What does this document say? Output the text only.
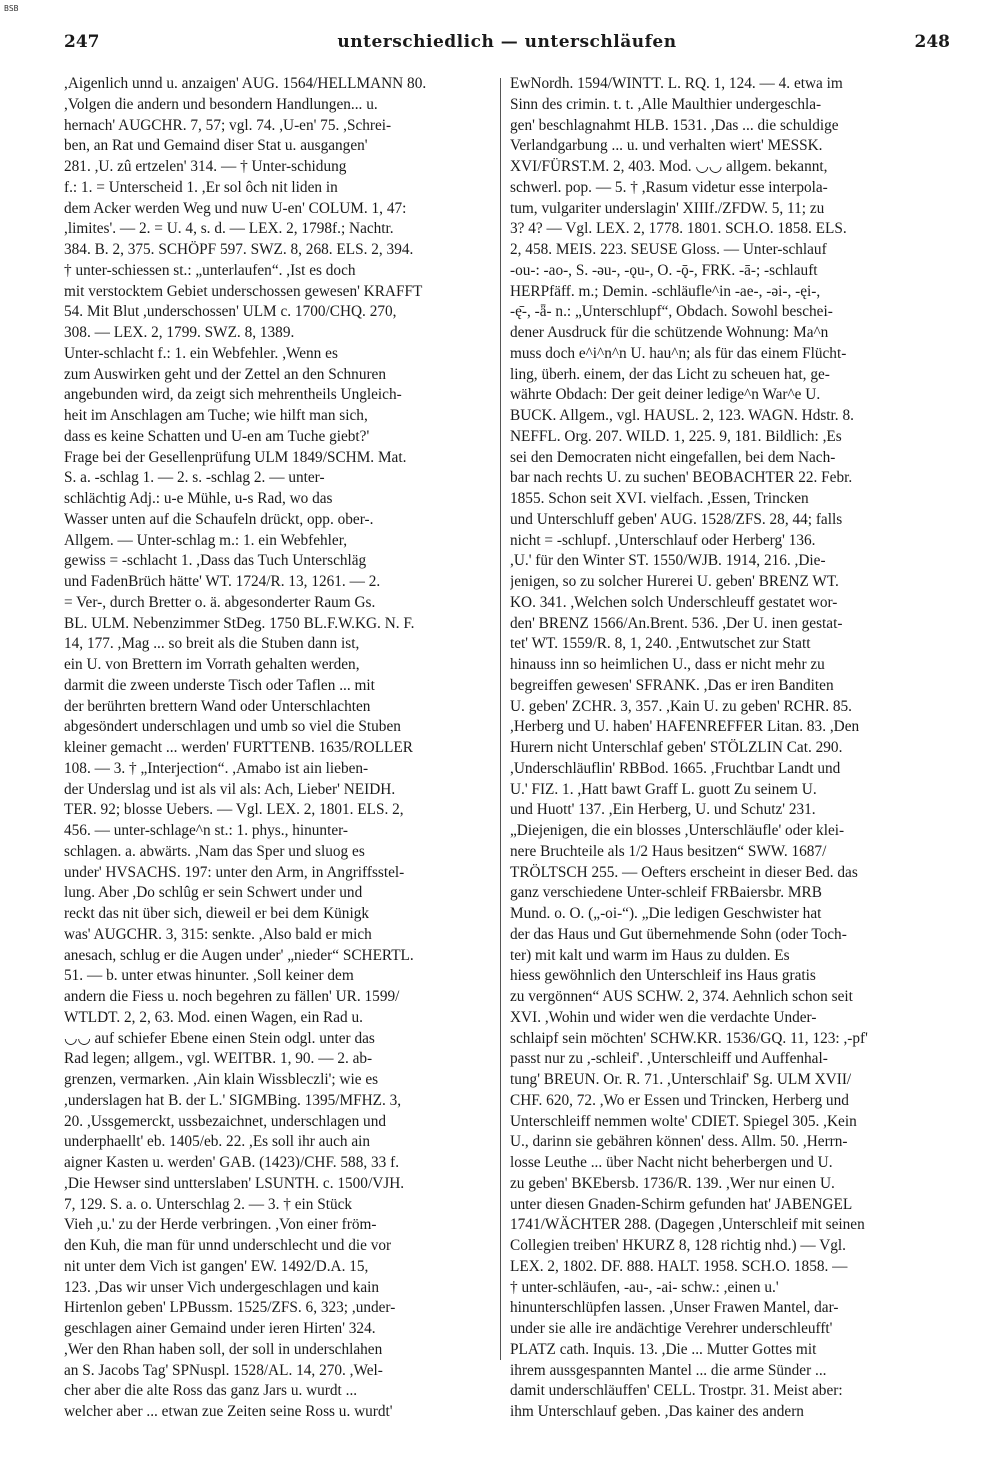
BSB
247	unterschiedlich — unterschläufen	248
,Aigenlich unnd u. anzaigen' AUG. 1564/HELLMANN 80.
,Volgen die andern und besondern Handlungen... u.
hernach' AUGCHR. 7, 57; vgl. 74. ,U-en' 75. ,Schrei-
ben, an Rat und Gemaind diser Stat u. ausgangen'
281. ,U. zû ertzelen' 314. — † Unter-schidung
f.: 1. = Unterscheid 1. ,Er sol ôch nit liden in
dem Acker werden Weg und nuw U-en' COLUM. 1, 47:
,limites'. — 2. = U. 4, s. d. — LEX. 2, 1798f.; Nachtr.
384. B. 2, 375. SCHÖPF 597. SWZ. 8, 268. ELS. 2, 394.
† unter-schiessen st.: „unterlaufen“. ,Ist es doch
mit verstocktem Gebiet underschossen gewesen' KRAFFT
54. Mit Blut ,underschossen' ULM c. 1700/CHQ. 270,
308. — LEX. 2, 1799. SWZ. 8, 1389.
Unter-schlacht f.: 1. ein Webfehler. ,Wenn es
zum Auswirken geht und der Zettel an den Schnuren
angebunden wird, da zeigt sich mehrentheils Ungleich-
heit im Anschlagen am Tuche; wie hilft man sich,
dass es keine Schatten und U-en am Tuche giebt?'
Frage bei der Gesellenprüfung ULM 1849/SCHM. Mat.
S. a. -schlag 1. — 2. s. -schlag 2. — unter-
schlächtig Adj.: u-e Mühle, u-s Rad, wo das
Wasser unten auf die Schaufeln drückt, opp. ober-.
Allgem. — Unter-schlag m.: 1. ein Webfehler,
gewiss = -schlacht 1. ,Dass das Tuch Unterschläg
und FadenBrüch hätte' WT. 1724/R. 13, 1261. — 2.
= Ver-, durch Bretter o. ä. abgesonderter Raum Gs.
BL. ULM. Nebenzimmer StDeg. 1750 BL.F.W.KG. N. F.
14, 177. ,Mag ... so breit als die Stuben dann ist,
ein U. von Brettern im Vorrath gehalten werden,
darmit die zween underste Tisch oder Taflen ... mit
der berührten brettern Wand oder Unterschlachten
abgesöndert underschlagen und umb so viel die Stuben
kleiner gemacht ... werden' FURTTENB. 1635/ROLLER
108. — 3. † „Interjection“. ,Amabo ist ain lieben-
der Underslag und ist als vil als: Ach, Lieber' NEIDH.
TER. 92; blosse Uebers. — Vgl. LEX. 2, 1801. ELS. 2,
456. — unter-schlage^n st.: 1. phys., hinunter-
schlagen. a. abwärts. ,Nam das Sper und sluog es
under' HVSACHS. 197: unter den Arm, in Angriffsstel-
lung. Aber ,Do schlûg er sein Schwert under und
reckt das nit über sich, dieweil er bei dem Künigk
was' AUGCHR. 3, 315: senkte. ,Also bald er mich
anesach, schlug er die Augen under' „nieder“ SCHERTL.
51. — b. unter etwas hinunter. ,Soll keiner dem
andern die Fiess u. noch begehren zu fällen' UR. 1599/
WTLDT. 2, 2, 63. Mod. einen Wagen, ein Rad u.
◡◡ auf schiefer Ebene einen Stein odgl. unter das
Rad legen; allgem., vgl. WEITBR. 1, 90. — 2. ab-
grenzen, vermarken. ,Ain klain Wissbleczli'; wie es
,underslagen hat B. der L.' SIGMBing. 1395/MFHZ. 3,
20. ,Ussgemerckt, ussbezaichnet, underschlagen und
underphaellt' eb. 1405/eb. 22. ,Es soll ihr auch ain
aigner Kasten u. werden' GAB. (1423)/CHF. 588, 33 f.
,Die Hewser sind untterslaben' LSUNTH. c. 1500/VJH.
7, 129. S. a. o. Unterschlag 2. — 3. † ein Stück
Vieh ,u.' zu der Herde verbringen. ,Von einer fröm-
den Kuh, die man für unnd underschlecht und die vor
nit unter dem Vich ist gangen' EW. 1492/D.A. 15,
123. ,Das wir unser Vich undergeschlagen und kain
Hirtenlon geben' LPBussm. 1525/ZFS. 6, 323; ,under-
geschlagen ainer Gemaind under ieren Hirten' 324.
,Wer den Rhan haben soll, der soll in underschlahen
an S. Jacobs Tag' SPNuspl. 1528/AL. 14, 270. ,Wel-
cher aber die alte Ross das ganz Jars u. wurdt ...
welcher aber ... etwan zue Zeiten seine Ross u. wurdt'
EwNordh. 1594/WINTT. L. RQ. 1, 124. — 4. etwa im
Sinn des crimin. t. t. ,Alle Maulthier undergeschla-
gen' beschlagnahmt HLB. 1531. ,Das ... die schuldige
Verlandgarbung ... u. und verhalten wiert' MESSK.
XVI/FÜRST.M. 2, 403. Mod. ◡◡ allgem. bekannt,
schwerl. pop. — 5. † ,Rasum videtur esse interpola-
tum, vulgariter underslagin' XIIIf./ZFDW. 5, 11; zu
3? 4? — Vgl. LEX. 2, 1778. 1801. SCH.O. 1858. ELS.
2, 458. MEIS. 223. SEUSE Gloss. — Unter-schlauf
-ou-: -ao-, S. -əu-, -ǫu-, O. -ǭ-, FRK. -ā-; -schlauft
HERPfäff. m.; Demin. -schläufle^in -ae-, -əi-, -ęi-,
-ę̄-, -ǟ- n.: „Unterschlupf“, Obdach. Sowohl beschei-
dener Ausdruck für die schützende Wohnung: Ma^n
muss doch e^i^n^n U. hau^n; als für das einem Flücht-
ling, überh. einem, der das Licht zu scheuen hat, ge-
währte Obdach: Der geit deiner ledige^n War^e U.
BUCK. Allgem., vgl. HAUSL. 2, 123. WAGN. Hdstr. 8.
NEFFL. Org. 207. WILD. 1, 225. 9, 181. Bildlich: ,Es
sei den Democraten nicht eingefallen, bei dem Nach-
bar nach rechts U. zu suchen' BEOBACHTER 22. Febr.
1855. Schon seit XVI. vielfach. ,Essen, Trincken
und Unterschluff geben' AUG. 1528/ZFS. 28, 44; falls
nicht = -schlupf. ,Unterschlauf oder Herberg' 136.
,U.' für den Winter ST. 1550/WJB. 1914, 216. ,Die-
jenigen, so zu solcher Hurerei U. geben' BRENZ WT.
KO. 341. ,Welchen solch Underschleuff gestatet wor-
den' BRENZ 1566/An.Brent. 536. ,Der U. inen gestat-
tet' WT. 1559/R. 8, 1, 240. ,Entwutschet zur Statt
hinauss inn so heimlichen U., dass er nicht mehr zu
begreiffen gewesen' SFRANK. ,Das er iren Banditen
U. geben' ZCHR. 3, 357. ,Kain U. zu geben' RCHR. 85.
,Herberg und U. haben' HAFENREFFER Litan. 83. ,Den
Hurern nicht Unterschlaf geben' STÖLZLIN Cat. 290.
,Underschläuflin' RBBod. 1665. ,Fruchtbar Landt und
U.' FIZ. 1. ,Hatt bawt Graff L. guott Zu seinem U.
und Huott' 137. ,Ein Herberg, U. und Schutz' 231.
„Diejenigen, die ein blosses ,Unterschläufle' oder klei-
nere Bruchteile als 1/2 Haus besitzen“ SWW. 1687/
TRÖLTSCH 255. — Oefters erscheint in dieser Bed. das
ganz verschiedene Unter-schleif FRBaiersbr. MRB
Mund. o. O. („-oi-“). „Die ledigen Geschwister hat
der das Haus und Gut übernehmende Sohn (oder Toch-
ter) mit kalt und warm im Haus zu dulden. Es
hiess gewöhnlich den Unterschleif ins Haus gratis
zu vergönnen“ AUS SCHW. 2, 374. Aehnlich schon seit
XVI. ,Wohin und wider wen die verdachte Under-
schlaipf sein möchten' SCHW.KR. 1536/GQ. 11, 123: ,-pf'
passt nur zu ,-schleif'. ,Unterschleiff und Auffenhal-
tung' BREUN. Or. R. 71. ,Unterschlaif' Sg. ULM XVII/
CHF. 620, 72. ,Wo er Essen und Trincken, Herberg und
Unterschleiff nemmen wolte' CDIET. Spiegel 305. ,Kein
U., darinn sie gebähren können' dess. Allm. 50. ,Herrn-
losse Leuthe ... über Nacht nicht beherbergen und U.
zu geben' BKEbersb. 1736/R. 139. ,Wer nur einen U.
unter diesen Gnaden-Schirm gefunden hat' JABENGEL
1741/WÄCHTER 288. (Dagegen ,Unterschleif mit seinen
Collegien treiben' HKURZ 8, 128 richtig nhd.) — Vgl.
LEX. 2, 1802. DF. 888. HALT. 1958. SCH.O. 1858. —
† unter-schläufen, -au-, -ai- schw.: ,einen u.'
hinunterschlüpfen lassen. ,Unser Frawen Mantel, dar-
under sie alle ire andächtige Verehrer underschleufft'
PLATZ cath. Inquis. 13. ,Die ... Mutter Gottes mit
ihrem aussgespannten Mantel ... die arme Sünder ...
damit underschläuffen' CELL. Trostpr. 31. Meist aber:
ihm Unterschlauf geben. ,Das kainer des andern
